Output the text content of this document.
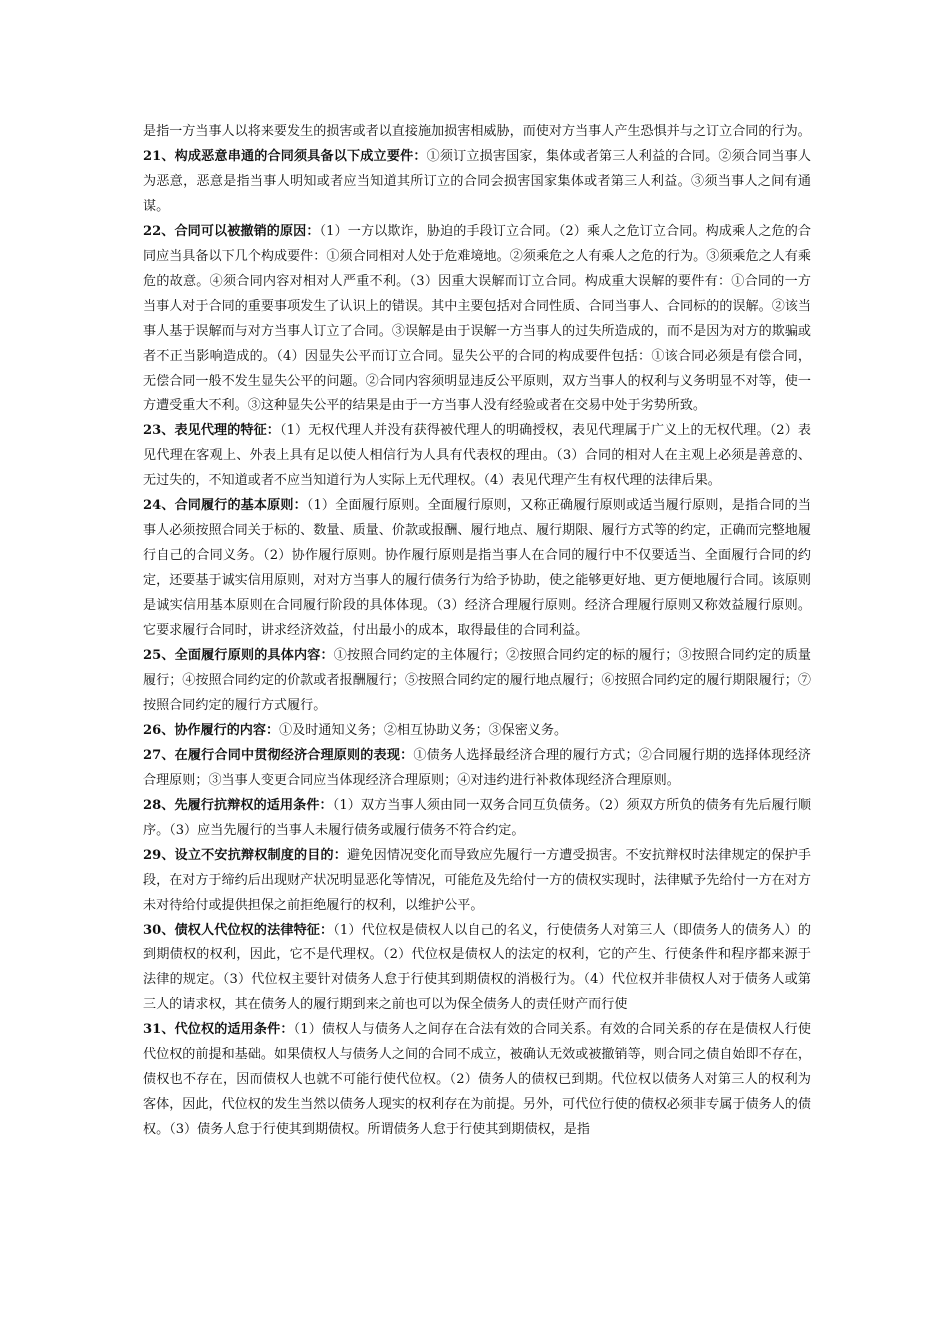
是指一方当事人以将来要发生的损害或者以直接施加损害相威胁，而使对方当事人产生恐惧并与之订立合同的行为。

21、构成恶意串通的合同须具备以下成立要件：①须订立损害国家，集体或者第三人利益的合同。②须合同当事人为恶意，恶意是指当事人明知或者应当知道其所订立的合同会损害国家集体或者第三人利益。③须当事人之间有通谋。

22、合同可以被撤销的原因：（1）一方以欺诈，胁迫的手段订立合同。（2）乘人之危订立合同。构成乘人之危的合同应当具备以下几个构成要件：①须合同相对人处于危难境地。②须乘危之人有乘人之危的行为。③须乘危之人有乘危的故意。④须合同内容对相对人严重不利。（3）因重大误解而订立合同。构成重大误解的要件有：①合同的一方当事人对于合同的重要事项发生了认识上的错误。其中主要包括对合同性质、合同当事人、合同标的的误解。②该当事人基于误解而与对方当事人订立了合同。③误解是由于误解一方当事人的过失所造成的，而不是因为对方的欺骗或者不正当影响造成的。（4）因显失公平而订立合同。显失公平的合同的构成要件包括：①该合同必须是有偿合同，无偿合同一般不发生显失公平的问题。②合同内容须明显违反公平原则，双方当事人的权利与义务明显不对等，使一方遭受重大不利。③这种显失公平的结果是由于一方当事人没有经验或者在交易中处于劣势所致。

23、表见代理的特征：（1）无权代理人并没有获得被代理人的明确授权，表见代理属于广义上的无权代理。（2）表见代理在客观上、外表上具有足以使人相信行为人具有代表权的理由。（3）合同的相对人在主观上必须是善意的、无过失的，不知道或者不应当知道行为人实际上无代理权。（4）表见代理产生有权代理的法律后果。

24、合同履行的基本原则：（1）全面履行原则。全面履行原则，又称正确履行原则或适当履行原则，是指合同的当事人必须按照合同关于标的、数量、质量、价款或报酬、履行地点、履行期限、履行方式等的约定，正确而完整地履行自己的合同义务。（2）协作履行原则。协作履行原则是指当事人在合同的履行中不仅要适当、全面履行合同的约定，还要基于诚实信用原则，对对方当事人的履行债务行为给予协助，使之能够更好地、更方便地履行合同。该原则是诚实信用基本原则在合同履行阶段的具体体现。（3）经济合理履行原则。经济合理履行原则又称效益履行原则。它要求履行合同时，讲求经济效益，付出最小的成本，取得最佳的合同利益。

25、全面履行原则的具体内容：①按照合同约定的主体履行；②按照合同约定的标的履行；③按照合同约定的质量履行；④按照合同约定的价款或者报酬履行；⑤按照合同约定的履行地点履行；⑥按照合同约定的履行期限履行；⑦按照合同约定的履行方式履行。

26、协作履行的内容：①及时通知义务；②相互协助义务；③保密义务。

27、在履行合同中贯彻经济合理原则的表现：①债务人选择最经济合理的履行方式；②合同履行期的选择体现经济合理原则；③当事人变更合同应当体现经济合理原则；④对违约进行补救体现经济合理原则。

28、先履行抗辩权的适用条件：（1）双方当事人须由同一双务合同互负债务。（2）须双方所负的债务有先后履行顺序。（3）应当先履行的当事人未履行债务或履行债务不符合约定。

29、设立不安抗辩权制度的目的：避免因情况变化而导致应先履行一方遭受损害。不安抗辩权时法律规定的保护手段，在对方于缔约后出现财产状况明显恶化等情况，可能危及先给付一方的债权实现时，法律赋予先给付一方在对方未对待给付或提供担保之前拒绝履行的权利，以维护公平。

30、债权人代位权的法律特征：（1）代位权是债权人以自己的名义，行使债务人对第三人（即债务人的债务人）的到期债权的权利，因此，它不是代理权。（2）代位权是债权人的法定的权利，它的产生、行使条件和程序都来源于法律的规定。（3）代位权主要针对债务人怠于行使其到期债权的消极行为。（4）代位权并非债权人对于债务人或第三人的请求权，其在债务人的履行期到来之前也可以为保全债务人的责任财产而行使

31、代位权的适用条件：（1）债权人与债务人之间存在合法有效的合同关系。有效的合同关系的存在是债权人行使代位权的前提和基础。如果债权人与债务人之间的合同不成立，被确认无效或被撤销等，则合同之债自始即不存在，债权也不存在，因而债权人也就不可能行使代位权。（2）债务人的债权已到期。代位权以债务人对第三人的权利为客体，因此，代位权的发生当然以债务人现实的权利存在为前提。另外，可代位行使的债权必须非专属于债务人的债权。（3）债务人怠于行使其到期债权。所谓债务人怠于行使其到期债权，是指
